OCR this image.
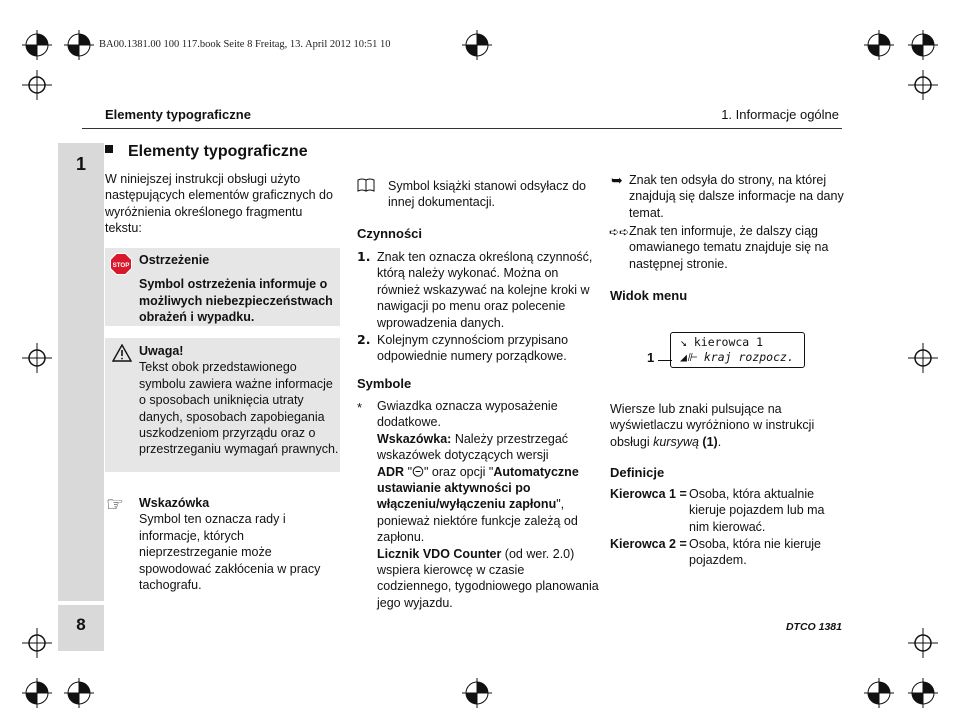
BA00.1381.00 100 117.book Seite 8 Freitag, 13. April 2012 10:51 10
Elementy typograficzne	1. Informacje ogólne
1
8	DTCO 1381
Elementy typograficzne
W niniejszej instrukcji obsługi użyto następujących elementów graficznych do wyróżnienia określonego fragmentu tekstu:
STOP Ostrzeżenie
Symbol ostrzeżenia informuje o możliwych niebezpieczeństwach obrażeń i wypadku.
Uwaga!
Tekst obok przedstawionego symbolu zawiera ważne informacje o sposobach uniknięcia utraty danych, sposobach zapobiegania uszkodzeniom przyrządu oraz o przestrzeganiu wymagań prawnych.
☞ Wskazówka
Symbol ten oznacza rady i informacje, których nieprzestrzeganie może spowodować zakłócenia w pracy tachografu.
Symbol książki stanowi odsyłacz do innej dokumentacji.
Czynności
1. Znak ten oznacza określoną czynność, którą należy wykonać. Można on również wskazywać na kolejne kroki w nawigacji po menu oraz polecenie wprowadzenia danych.
2. Kolejnym czynnościom przypisano odpowiednie numery porządkowe.
Symbole
* Gwiazdka oznacza wyposażenie dodatkowe.
Wskazówka: Należy przestrzegać wskazówek dotyczących wersji
ADR " " oraz opcji "Automatyczne ustawianie aktywności po włączeniu/wyłączeniu zapłonu", ponieważ niektóre funkcje zależą od zapłonu.
Licznik VDO Counter (od wer. 2.0)
wspiera kierowcę w czasie codziennego, tygodniowego planowania jego wyjazdu.
➥ Znak ten odsyła do strony, na której znajdują się dalsze informacje na dany temat.
➪➪ Znak ten informuje, że dalszy ciąg omawianego tematu znajduje się na następnej stronie.
Widok menu
↘ kierowca 1
◢⊩ kraj rozpocz.
1
Wiersze lub znaki pulsujące na wyświetlaczu wyróżniono w instrukcji obsługi kursywą (1).
Definicje
Kierowca 1 = Osoba, która aktualnie kieruje pojazdem lub ma nim kierować.
Kierowca 2 = Osoba, która nie kieruje pojazdem.
